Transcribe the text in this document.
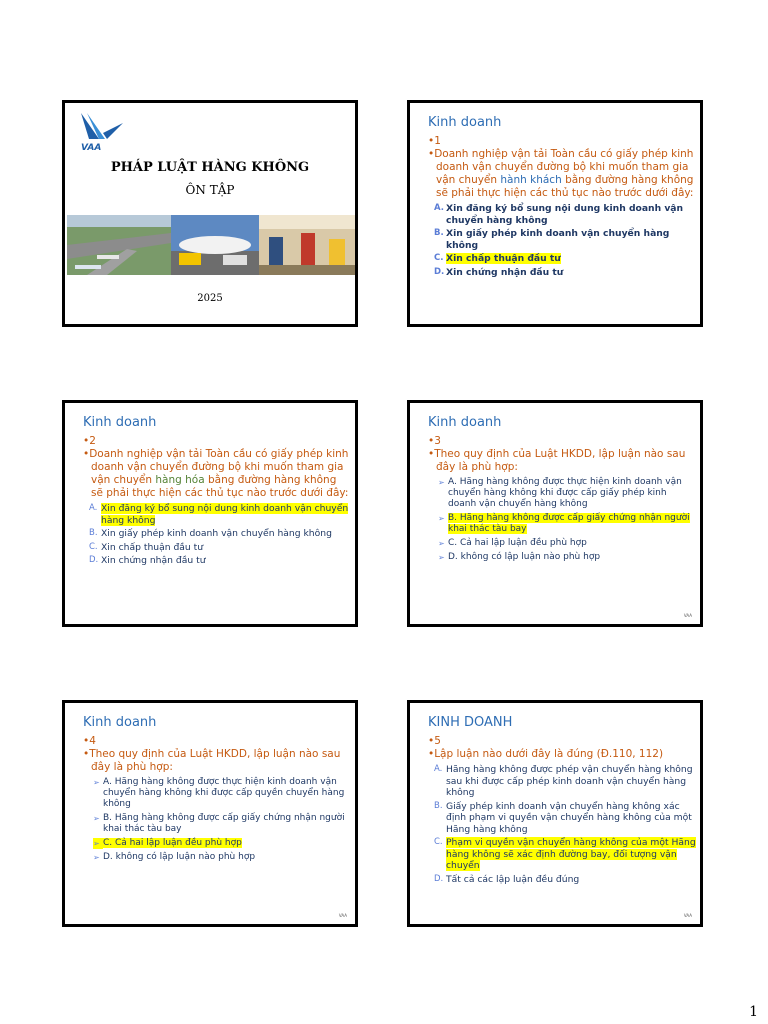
VAA
PHÁP LUẬT HÀNG KHÔNG
ÔN TẬP
2025
Kinh doanh
•1
•Doanh nghiệp vận tải Toàn cầu có giấy phép kinh doanh vận chuyển đường bộ khi muốn tham gia vận chuyển hành khách bằng đường hàng không sẽ phải thực hiện các thủ tục nào trước dưới đây:
A. Xin đăng ký bổ sung nội dung kinh doanh vận chuyển hàng không
B. Xin giấy phép kinh doanh vận chuyển hàng không
C. Xin chấp thuận đầu tư
D. Xin chứng nhận đầu tư
Kinh doanh
•2
•Doanh nghiệp vận tải Toàn cầu có giấy phép kinh doanh vận chuyển đường bộ khi muốn tham gia vận chuyển hàng hóa bằng đường hàng không sẽ phải thực hiện các thủ tục nào trước dưới đây:
A. Xin đăng ký bổ sung nội dung kinh doanh vận chuyển hàng không
B. Xin giấy phép kinh doanh vận chuyển hàng không
C. Xin chấp thuận đầu tư
D. Xin chứng nhận đầu tư
Kinh doanh
•3
•Theo quy định của Luật HKDD, lập luận nào sau đây là phù hợp:
➢ A. Hãng hàng không được thực hiện kinh doanh vận chuyển hàng không khi được cấp giấy phép kinh doanh vận chuyển hàng không
➢ B. Hãng hàng không được cấp giấy chứng nhận người khai thác tàu bay
➢ C. Cả hai lập luận đều phù hợp
➢ D. không có lập luận nào phù hợp
VAA
Kinh doanh
•4
•Theo quy định của Luật HKDD, lập luận nào sau đây là phù hợp:
➢ A. Hãng hàng không được thực hiện kinh doanh vận chuyển hàng không khi được cấp quyền chuyển hàng không
➢ B. Hãng hàng không được cấp giấy chứng nhận người khai thác tàu bay
➢ C. Cả hai lập luận đều phù hợp
➢ D. không có lập luận nào phù hợp
VAA
KINH DOANH
•5
•Lập luận nào dưới đây là đúng (Đ.110, 112)
A. Hãng hàng không được phép vận chuyển hàng không sau khi được cấp phép kinh doanh vận chuyển hàng không
B. Giấy phép kinh doanh vận chuyển hàng không xác định phạm vi quyền vận chuyển hàng không của một Hãng hàng không
C. Phạm vi quyền vận chuyển hàng không của một Hãng hàng không sẽ xác định đường bay, đối tượng vận chuyển
D. Tất cả các lập luận đều đúng
VAA
1
